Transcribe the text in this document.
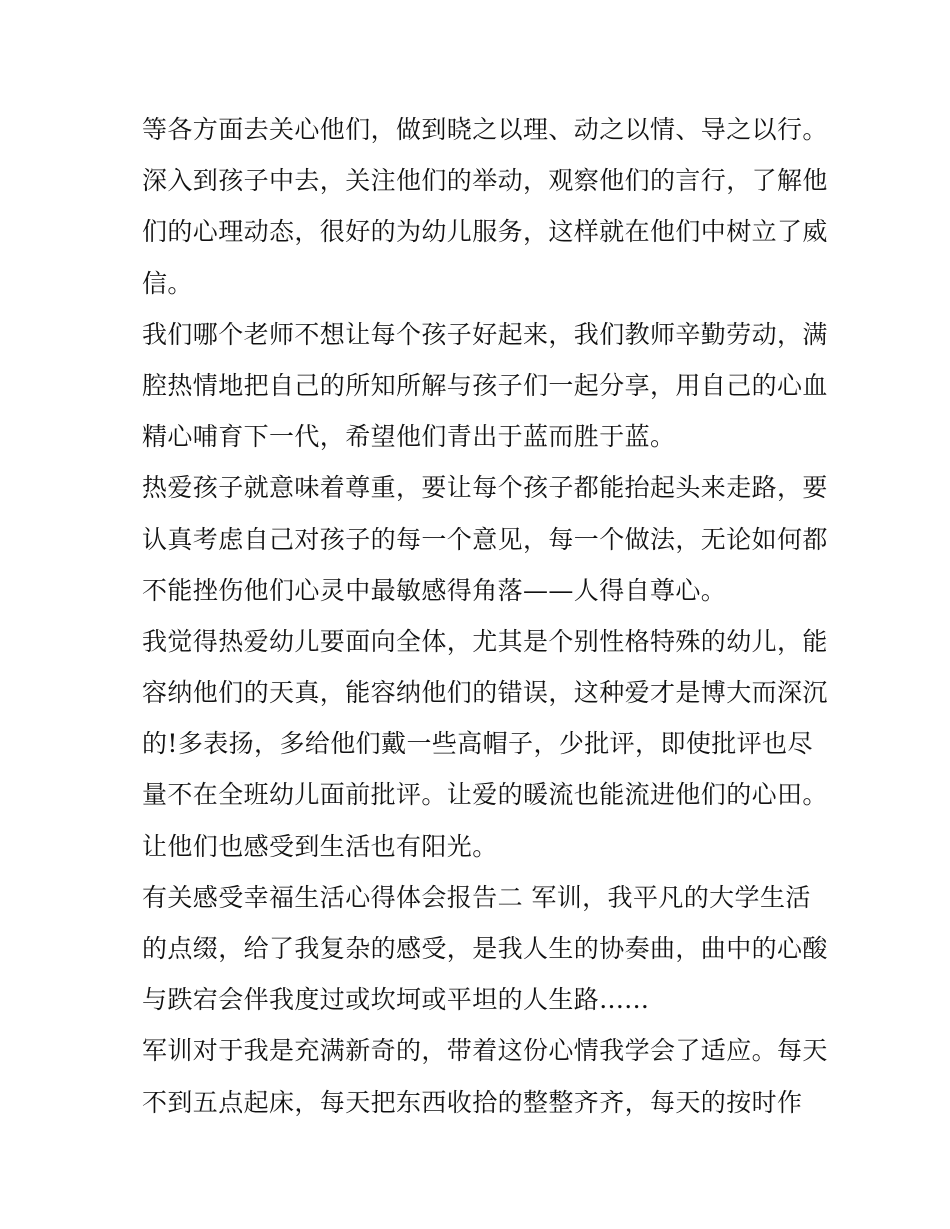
等各方面去关心他们，做到晓之以理、动之以情、导之以行。
深入到孩子中去，关注他们的举动，观察他们的言行，了解他
们的心理动态，很好的为幼儿服务，这样就在他们中树立了威
信。
我们哪个老师不想让每个孩子好起来，我们教师辛勤劳动，满
腔热情地把自己的所知所解与孩子们一起分享，用自己的心血
精心哺育下一代，希望他们青出于蓝而胜于蓝。
热爱孩子就意味着尊重，要让每个孩子都能抬起头来走路，要
认真考虑自己对孩子的每一个意见，每一个做法，无论如何都
不能挫伤他们心灵中最敏感得角落——人得自尊心。
我觉得热爱幼儿要面向全体，尤其是个别性格特殊的幼儿，能
容纳他们的天真，能容纳他们的错误，这种爱才是博大而深沉
的!多表扬，多给他们戴一些高帽子，少批评，即使批评也尽
量不在全班幼儿面前批评。让爱的暖流也能流进他们的心田。
让他们也感受到生活也有阳光。
有关感受幸福生活心得体会报告二 军训，我平凡的大学生活
的点缀，给了我复杂的感受，是我人生的协奏曲，曲中的心酸
与跌宕会伴我度过或坎坷或平坦的人生路......
军训对于我是充满新奇的，带着这份心情我学会了适应。每天
不到五点起床，每天把东西收拾的整整齐齐，每天的按时作
